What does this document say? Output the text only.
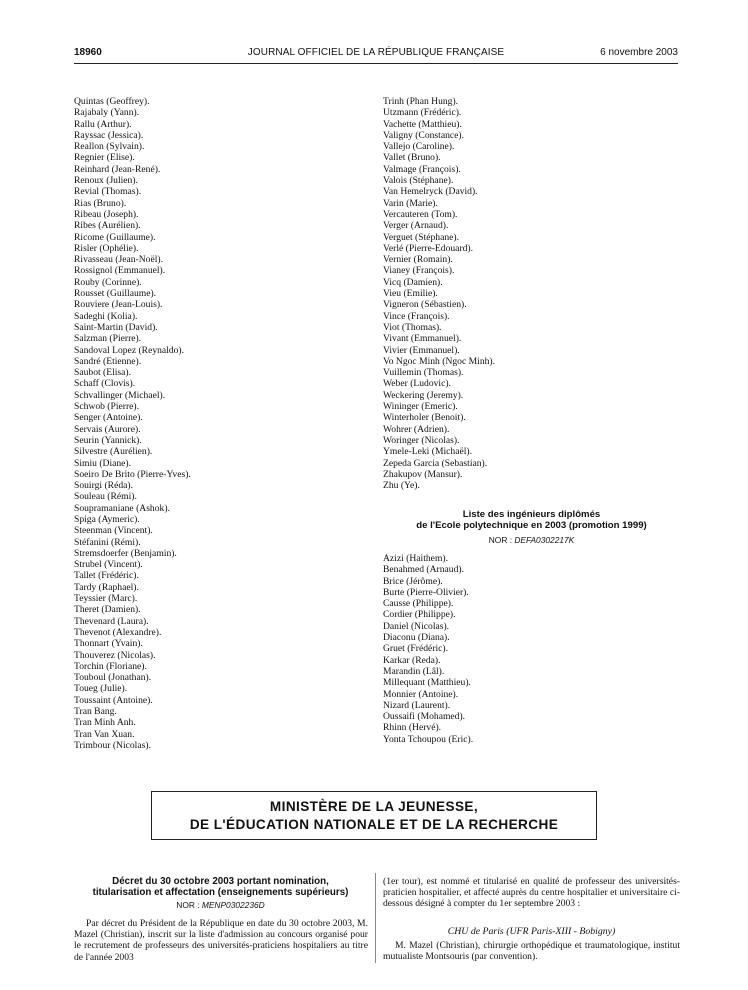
18960	JOURNAL OFFICIEL DE LA RÉPUBLIQUE FRANÇAISE	6 novembre 2003
Quintas (Geoffrey).
Rajabaly (Yann).
Rallu (Arthur).
Rayssac (Jessica).
Reallon (Sylvain).
Regnier (Elise).
Reinhard (Jean-René).
Renoux (Julien).
Revial (Thomas).
Rias (Bruno).
Ribeau (Joseph).
Ribes (Aurélien).
Ricome (Guillaume).
Risler (Ophélie).
Rivasseau (Jean-Noël).
Rossignol (Emmanuel).
Rouby (Corinne).
Rousset (Guillaume).
Rouviere (Jean-Louis).
Sadeghi (Kolia).
Saint-Martin (David).
Salzman (Pierre).
Sandoval Lopez (Reynaldo).
Sandré (Etienne).
Saubot (Elisa).
Schaff (Clovis).
Schvallinger (Michael).
Schwob (Pierre).
Senger (Antoine).
Servais (Aurore).
Seurin (Yannick).
Silvestre (Aurélien).
Simiu (Diane).
Soeiro De Brito (Pierre-Yves).
Souirgi (Réda).
Souleau (Rémi).
Soupramaniane (Ashok).
Spiga (Aymeric).
Steenman (Vincent).
Stéfanini (Rémi).
Stremsdoerfer (Benjamin).
Strubel (Vincent).
Tallet (Frédéric).
Tardy (Raphael).
Teyssier (Marc).
Theret (Damien).
Thevenard (Laura).
Thevenot (Alexandre).
Thonnart (Yvain).
Thouverez (Nicolas).
Torchin (Floriane).
Touboul (Jonathan).
Toueg (Julie).
Toussaint (Antoine).
Tran Bang.
Tran Minh Anh.
Tran Van Xuan.
Trimbour (Nicolas).
Trinh (Phan Hung).
Utzmann (Frédéric).
Vachette (Matthieu).
Valigny (Constance).
Vallejo (Caroline).
Vallet (Bruno).
Valmage (François).
Valois (Stéphane).
Van Hemelryck (David).
Varin (Marie).
Vercauteren (Tom).
Verger (Arnaud).
Verguet (Stéphane).
Verlé (Pierre-Edouard).
Vernier (Romain).
Vianey (François).
Vicq (Damien).
Vieu (Emilie).
Vigneron (Sébastien).
Vince (François).
Viot (Thomas).
Vivant (Emmanuel).
Vivier (Emmanuel).
Vo Ngoc Minh (Ngoc Minh).
Vuillemin (Thomas).
Weber (Ludovic).
Weckering (Jeremy).
Wininger (Emeric).
Winterholer (Benoit).
Wohrer (Adrien).
Woringer (Nicolas).
Ymele-Leki (Michaël).
Zepeda Garcia (Sebastian).
Zhakupov (Mansur).
Zhu (Ye).
Liste des ingénieurs diplômés
de l'Ecole polytechnique en 2003 (promotion 1999)
NOR : DEFA0302217K
Azizi (Haithem).
Benahmed (Arnaud).
Brice (Jérôme).
Burte (Pierre-Olivier).
Causse (Philippe).
Cordier (Philippe).
Daniel (Nicolas).
Diaconu (Diana).
Gruet (Frédéric).
Karkar (Reda).
Marandin (Lâl).
Millequant (Matthieu).
Monnier (Antoine).
Nizard (Laurent).
Oussaifi (Mohamed).
Rhinn (Hervé).
Yonta Tchoupou (Eric).
MINISTÈRE DE LA JEUNESSE,
DE L'ÉDUCATION NATIONALE ET DE LA RECHERCHE
Décret du 30 octobre 2003 portant nomination,
titularisation et affectation (enseignements supérieurs)
NOR : MENP0302236D
Par décret du Président de la République en date du 30 octobre 2003, M. Mazel (Christian), inscrit sur la liste d'admission au concours organisé pour le recrutement de professeurs des universités-praticiens hospitaliers au titre de l'année 2003
(1er tour), est nommé et titularisé en qualité de professeur des universités-praticien hospitalier, et affecté auprès du centre hospitalier et universitaire ci-dessous désigné à compter du 1er septembre 2003 :
CHU de Paris (UFR Paris-XIII - Bobigny)
M. Mazel (Christian), chirurgie orthopédique et traumatologique, institut mutualiste Montsouris (par convention).
